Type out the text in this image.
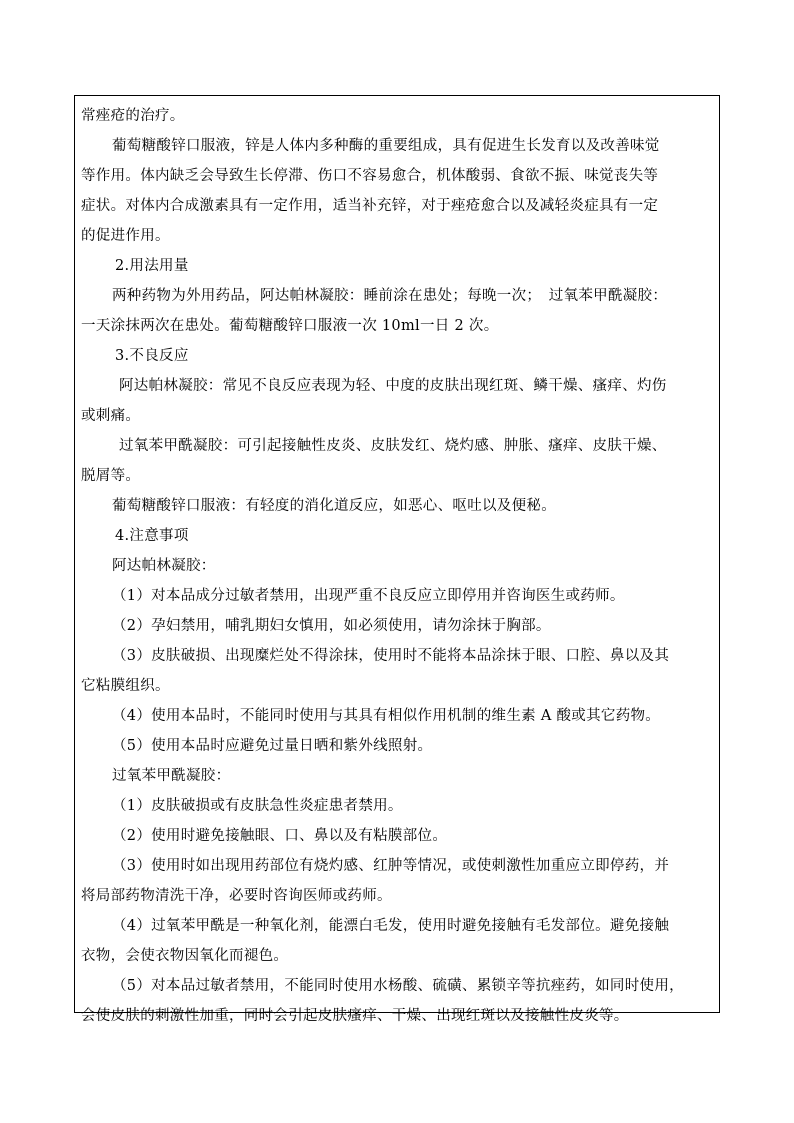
常痤疮的治疗。
葡萄糖酸锌口服液，锌是人体内多种酶的重要组成，具有促进生长发育以及改善味觉
等作用。体内缺乏会导致生长停滞、伤口不容易愈合，机体酸弱、食欲不振、味觉丧失等
症状。对体内合成激素具有一定作用，适当补充锌，对于痤疮愈合以及减轻炎症具有一定
的促进作用。
2.用法用量
两种药物为外用药品，阿达帕林凝胶：睡前涂在患处；每晚一次；　过氧苯甲酰凝胶：
一天涂抹两次在患处。葡萄糖酸锌口服液一次 10ml一日 2 次。
3.不良反应
阿达帕林凝胶：常见不良反应表现为轻、中度的皮肤出现红斑、鳞干燥、瘙痒、灼伤
或刺痛。
过氧苯甲酰凝胶：可引起接触性皮炎、皮肤发红、烧灼感、肿胀、瘙痒、皮肤干燥、
脱屑等。
葡萄糖酸锌口服液：有轻度的消化道反应，如恶心、呕吐以及便秘。
4.注意事项
阿达帕林凝胶：
（1）对本品成分过敏者禁用，出现严重不良反应立即停用并咨询医生或药师。
（2）孕妇禁用，哺乳期妇女慎用，如必须使用，请勿涂抹于胸部。
（3）皮肤破损、出现糜烂处不得涂抹，使用时不能将本品涂抹于眼、口腔、鼻以及其
它粘膜组织。
（4）使用本品时，不能同时使用与其具有相似作用机制的维生素 A 酸或其它药物。
（5）使用本品时应避免过量日晒和紫外线照射。
过氧苯甲酰凝胶：
（1）皮肤破损或有皮肤急性炎症患者禁用。
（2）使用时避免接触眼、口、鼻以及有粘膜部位。
（3）使用时如出现用药部位有烧灼感、红肿等情况，或使刺激性加重应立即停药，并
将局部药物清洗干净，必要时咨询医师或药师。
（4）过氧苯甲酰是一种氧化剂，能漂白毛发，使用时避免接触有毛发部位。避免接触
衣物，会使衣物因氧化而褪色。
（5）对本品过敏者禁用，不能同时使用水杨酸、硫磺、累锁辛等抗痤药，如同时使用，
会使皮肤的刺激性加重，同时会引起皮肤瘙痒、干燥、出现红斑以及接触性皮炎等。
